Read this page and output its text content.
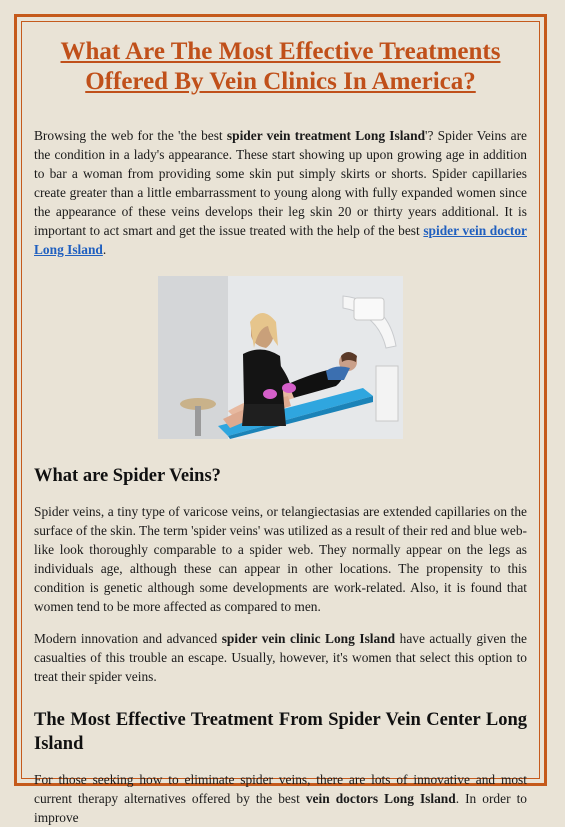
What Are The Most Effective Treatments Offered By Vein Clinics In America?

Browsing the web for the 'the best spider vein treatment Long Island'? Spider Veins are the condition in a lady's appearance. These start showing up upon growing age in addition to bar a woman from providing some skin put simply skirts or shorts. Spider capillaries create greater than a little embarrassment to young along with fully expanded women since the appearance of these veins develops their leg skin 20 or thirty years additional. It is important to act smart and get the issue treated with the help of the best spider vein doctor Long Island.

What are Spider Veins?

Spider veins, a tiny type of varicose veins, or telangiectasias are extended capillaries on the surface of the skin. The term 'spider veins' was utilized as a result of their red and blue web-like look thoroughly comparable to a spider web. They normally appear on the legs as individuals age, although these can appear in other locations. The propensity to this condition is genetic although some developments are work-related. Also, it is found that women tend to be more affected as compared to men.

Modern innovation and advanced spider vein clinic Long Island have actually given the casualties of this trouble an escape. Usually, however, it's women that select this option to treat their spider veins.

The Most Effective Treatment From Spider Vein Center Long Island

For those seeking how to eliminate spider veins, there are lots of innovative and most current therapy alternatives offered by the best vein doctors Long Island. In order to improve
